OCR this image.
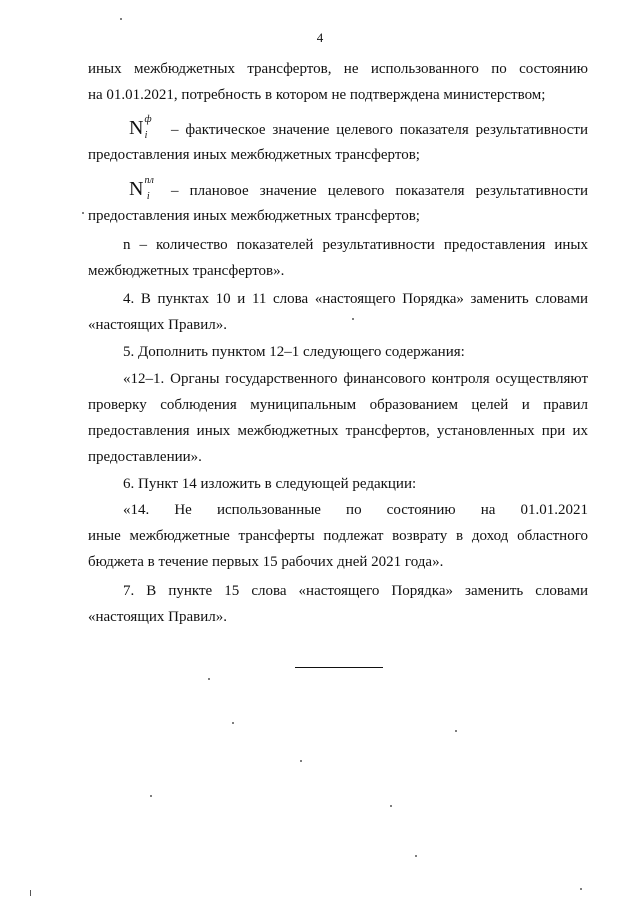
4
иных межбюджетных трансфертов, не использованного по состоянию
на 01.01.2021, потребность в котором не подтверждена министерством;
$N^ф_i$	– фактическое значение целевого показателя результативности
предоставления иных межбюджетных трансфертов;
$N^{пл}_i$	– плановое значение целевого показателя результативности
предоставления иных межбюджетных трансфертов;
n – количество показателей результативности предоставления иных
межбюджетных трансфертов».
4. В пунктах 10 и 11 слова «настоящего Порядка» заменить словами
«настоящих Правил».
5. Дополнить пунктом 12–1 следующего содержания:
«12–1. Органы государственного финансового контроля осуществляют
проверку соблюдения муниципальным образованием целей и правил
предоставления иных межбюджетных трансфертов, установленных при их
предоставлении».
6. Пункт 14 изложить в следующей редакции:
«14. Не использованные по состоянию на 01.01.2021
иные межбюджетные трансферты подлежат возврату в доход областного
бюджета в течение первых 15 рабочих дней 2021 года».
7. В пункте 15 слова «настоящего Порядка» заменить словами
«настоящих Правил».
